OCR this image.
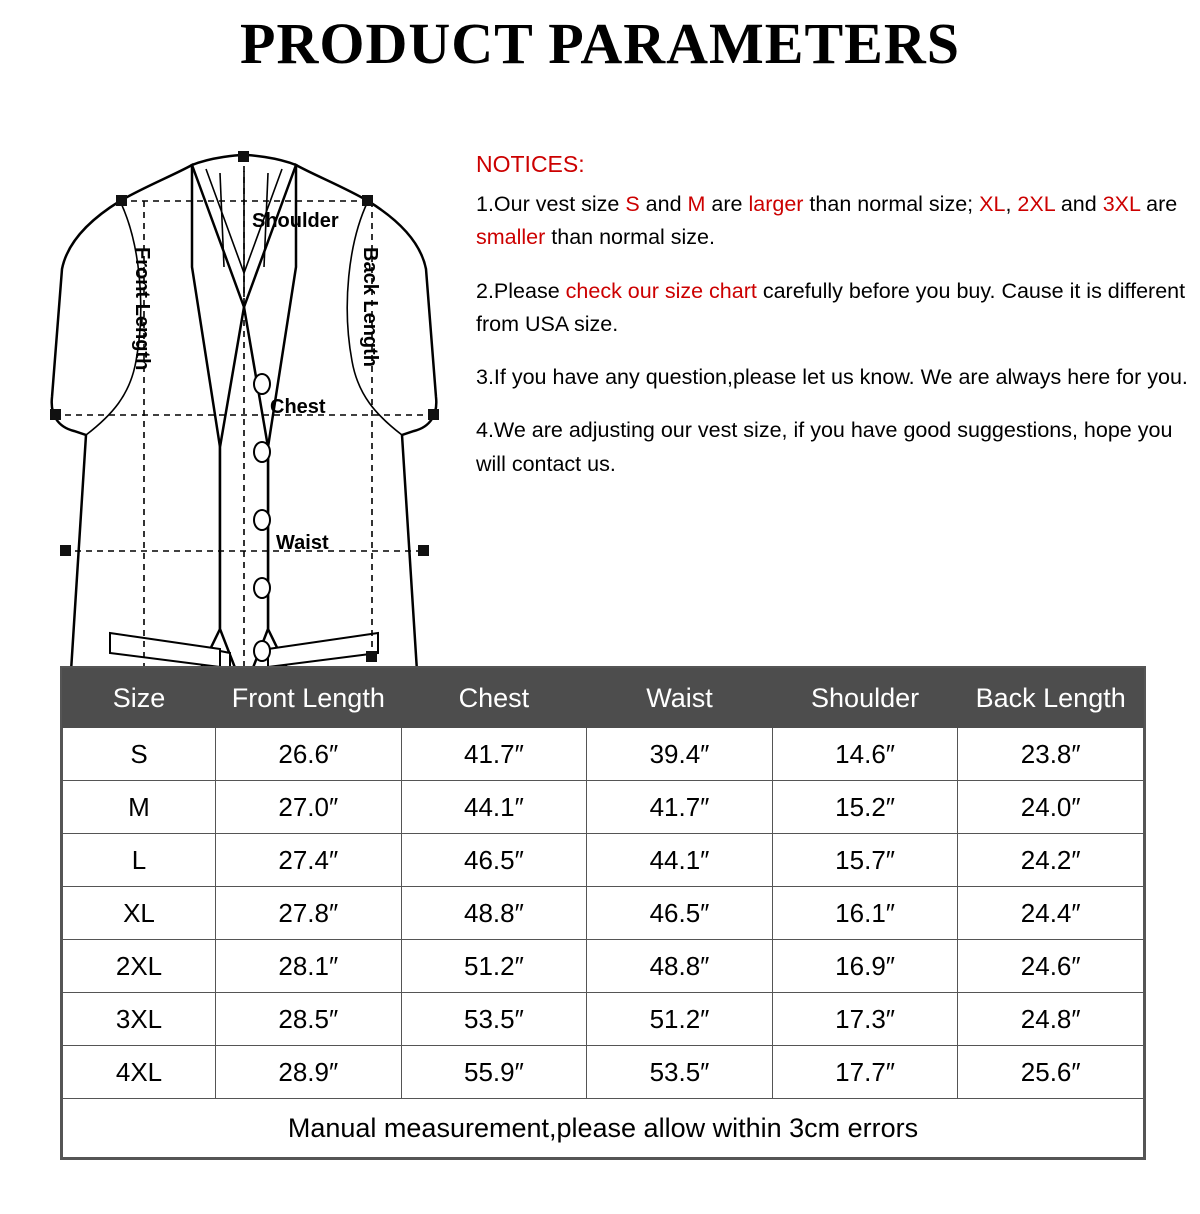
PRODUCT PARAMETERS
Shoulder
Front Length	Back Length
Chest
Waist
NOTICES:

1.Our vest size S and M are larger than normal size; XL, 2XL and 3XL are smaller than normal size.

2.Please check our size chart carefully before you buy. Cause it is different from USA size.

3.If you have any question,please let us know. We are always here for you.

4.We are adjusting our vest size, if you have good suggestions, hope you will contact us.

Size	Front Length	Chest	Waist	Shoulder	Back Length
S	26.6″	41.7″	39.4″	14.6″	23.8″
M	27.0″	44.1″	41.7″	15.2″	24.0″
L	27.4″	46.5″	44.1″	15.7″	24.2″
XL	27.8″	48.8″	46.5″	16.1″	24.4″
2XL	28.1″	51.2″	48.8″	16.9″	24.6″
3XL	28.5″	53.5″	51.2″	17.3″	24.8″
4XL	28.9″	55.9″	53.5″	17.7″	25.6″
Manual measurement,please allow within 3cm errors					
